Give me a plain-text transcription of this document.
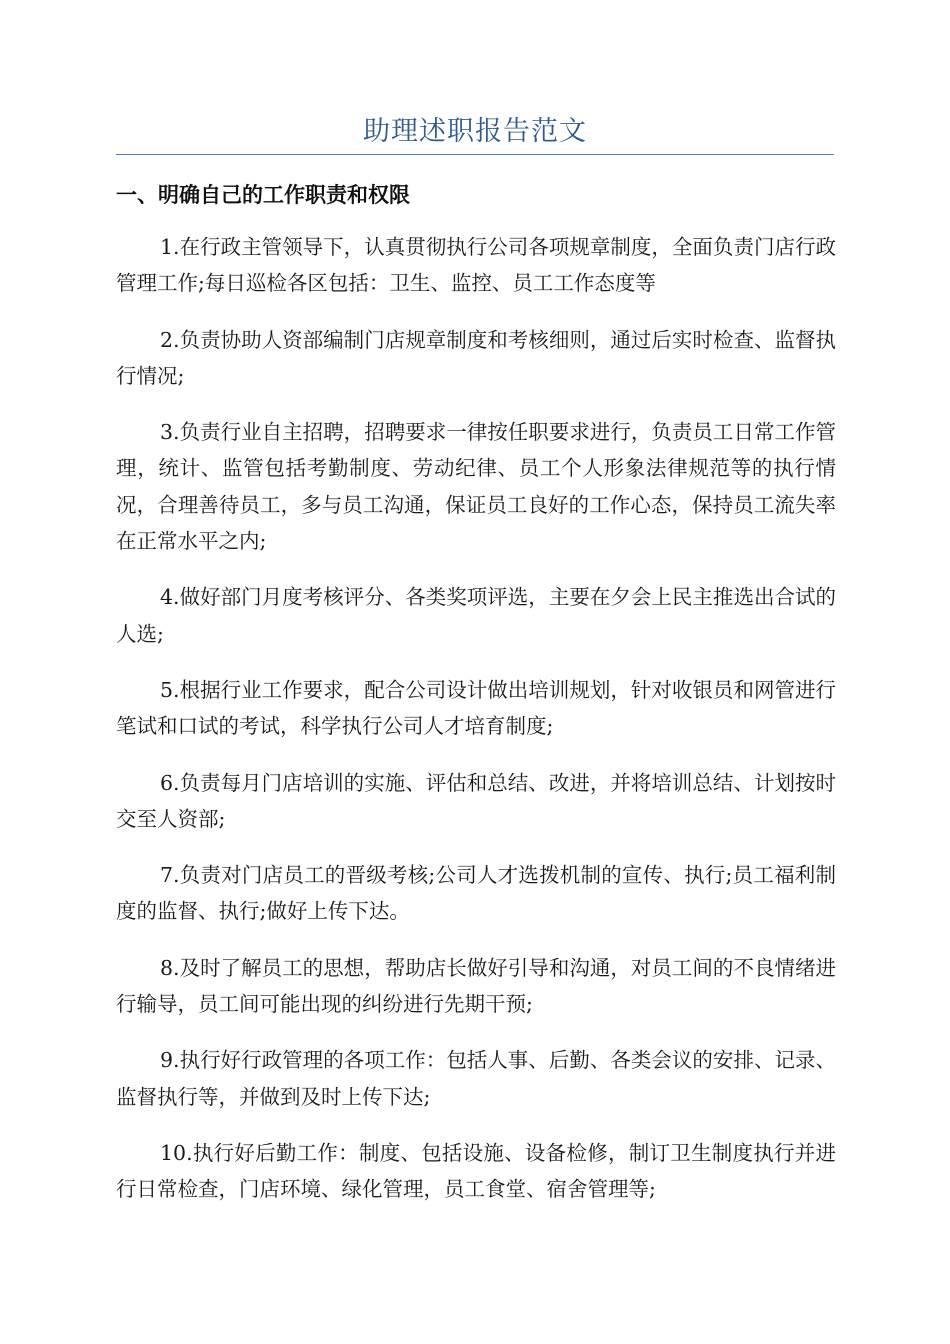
助理述职报告范文
一、明确自己的工作职责和权限

1.在行政主管领导下，认真贯彻执行公司各项规章制度，全面负责门店行政管理工作;每日巡检各区包括：卫生、监控、员工工作态度等

2.负责协助人资部编制门店规章制度和考核细则，通过后实时检查、监督执行情况;

3.负责行业自主招聘，招聘要求一律按任职要求进行，负责员工日常工作管理，统计、监管包括考勤制度、劳动纪律、员工个人形象法律规范等的执行情况，合理善待员工，多与员工沟通，保证员工良好的工作心态，保持员工流失率在正常水平之内;

4.做好部门月度考核评分、各类奖项评选，主要在夕会上民主推选出合试的人选;

5.根据行业工作要求，配合公司设计做出培训规划，针对收银员和网管进行笔试和口试的考试，科学执行公司人才培育制度;

6.负责每月门店培训的实施、评估和总结、改进，并将培训总结、计划按时交至人资部;

7.负责对门店员工的晋级考核;公司人才选拨机制的宣传、执行;员工福利制度的监督、执行;做好上传下达。

8.及时了解员工的思想，帮助店长做好引导和沟通，对员工间的不良情绪进行输导，员工间可能出现的纠纷进行先期干预;

9.执行好行政管理的各项工作：包括人事、后勤、各类会议的安排、记录、监督执行等，并做到及时上传下达;

10.执行好后勤工作：制度、包括设施、设备检修，制订卫生制度执行并进行日常检查，门店环境、绿化管理，员工食堂、宿舍管理等;
